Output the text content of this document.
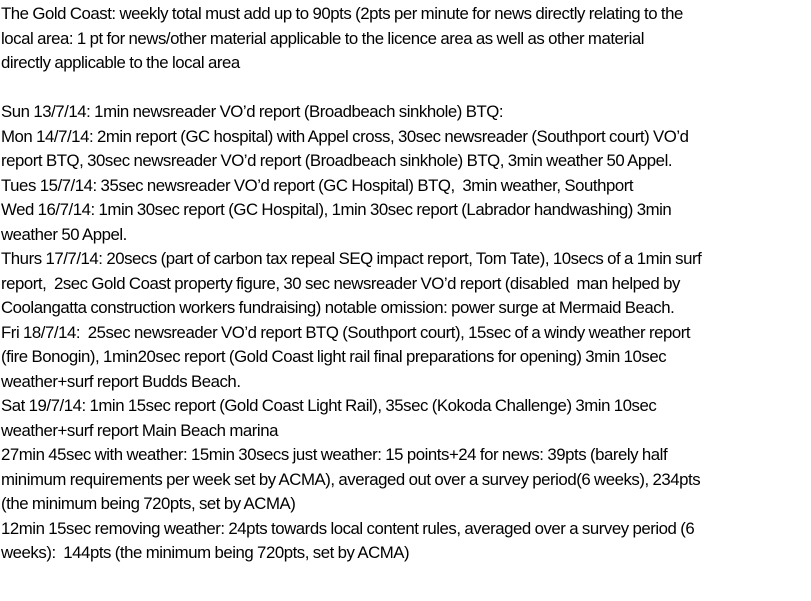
The Gold Coast: weekly total must add up to 90pts (2pts per minute for news directly relating to the
local area: 1 pt for news/other material applicable to the licence area as well as other material
directly applicable to the local area
Sun 13/7/14: 1min newsreader VO’d report (Broadbeach sinkhole) BTQ:
Mon 14/7/14: 2min report (GC hospital) with Appel cross, 30sec newsreader (Southport court) VO’d
report BTQ, 30sec newsreader VO’d report (Broadbeach sinkhole) BTQ, 3min weather 50 Appel.
Tues 15/7/14: 35sec newsreader VO’d report (GC Hospital) BTQ,  3min weather, Southport
Wed 16/7/14: 1min 30sec report (GC Hospital), 1min 30sec report (Labrador handwashing) 3min
weather 50 Appel.
Thurs 17/7/14: 20secs (part of carbon tax repeal SEQ impact report, Tom Tate), 10secs of a 1min surf
report,  2sec Gold Coast property figure, 30 sec newsreader VO’d report (disabled  man helped by
Coolangatta construction workers fundraising) notable omission: power surge at Mermaid Beach.
Fri 18/7/14:  25sec newsreader VO’d report BTQ (Southport court), 15sec of a windy weather report
(fire Bonogin), 1min20sec report (Gold Coast light rail final preparations for opening) 3min 10sec
weather+surf report Budds Beach.
Sat 19/7/14: 1min 15sec report (Gold Coast Light Rail), 35sec (Kokoda Challenge) 3min 10sec
weather+surf report Main Beach marina
27min 45sec with weather: 15min 30secs just weather: 15 points+24 for news: 39pts (barely half
minimum requirements per week set by ACMA), averaged out over a survey period(6 weeks), 234pts
(the minimum being 720pts, set by ACMA)
12min 15sec removing weather: 24pts towards local content rules, averaged over a survey period (6
weeks):  144pts (the minimum being 720pts, set by ACMA)
